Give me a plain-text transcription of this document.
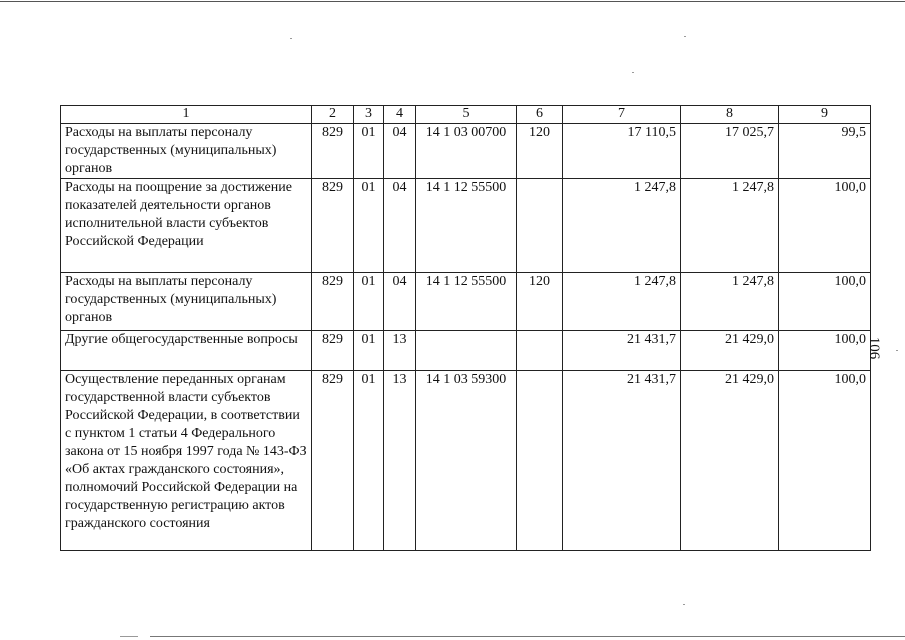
1	2	3	4	5	6	7	8	9
Расходы на выплаты персоналу государственных (муниципальных) органов	829	01	04	14 1 03 00700	120	17 110,5	17 025,7	99,5
Расходы на поощрение за достижение показателей деятельности органов исполнительной власти субъектов Российской Федерации	829	01	04	14 1 12 55500		1 247,8	1 247,8	100,0
Расходы на выплаты персоналу государственных (муниципальных) органов	829	01	04	14 1 12 55500	120	1 247,8	1 247,8	100,0
Другие общегосударственные вопросы	829	01	13			21 431,7	21 429,0	100,0
Осуществление переданных органам государственной власти субъектов Российской Федерации, в соответствии с пунктом 1 статьи 4 Федерального закона от 15 ноября 1997 года № 143-ФЗ «Об актах гражданского состояния», полномочий Российской Федерации на государственную регистрацию актов гражданского состояния	829	01	13	14 1 03 59300		21 431,7	21 429,0	100,0
106
